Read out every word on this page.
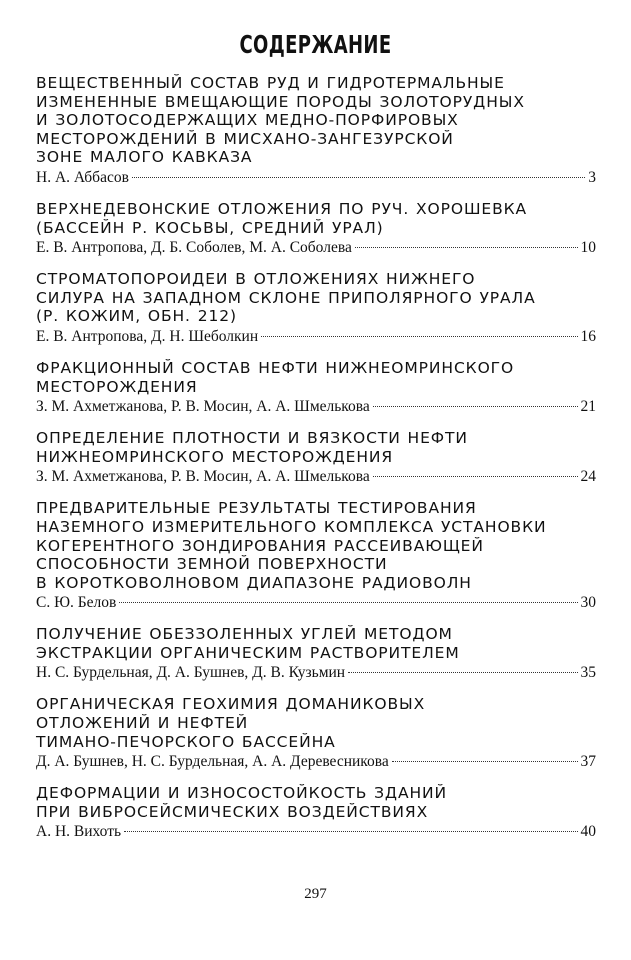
СОДЕРЖАНИЕ
ВЕЩЕСТВЕННЫЙ СОСТАВ РУД И ГИДРОТЕРМАЛЬНЫЕ
ИЗМЕНЕННЫЕ ВМЕЩАЮЩИЕ ПОРОДЫ ЗОЛОТОРУДНЫХ
И ЗОЛОТОСОДЕРЖАЩИХ МЕДНО-ПОРФИРОВЫХ
МЕСТОРОЖДЕНИЙ В МИСХАНО-ЗАНГЕЗУРСКОЙ
ЗОНЕ МАЛОГО КАВКАЗА
Н. А. Аббасов	3
ВЕРХНЕДЕВОНСКИЕ ОТЛОЖЕНИЯ ПО РУЧ. ХОРОШЕВКА
(БАССЕЙН Р. КОСЬВЫ, СРЕДНИЙ УРАЛ)
Е. В. Антропова, Д. Б. Соболев, М. А. Соболева	10
СТРОМАТОПОРОИДЕИ В ОТЛОЖЕНИЯХ НИЖНЕГО
СИЛУРА НА ЗАПАДНОМ СКЛОНЕ ПРИПОЛЯРНОГО УРАЛА
(Р. КОЖИМ, ОБН. 212)
Е. В. Антропова, Д. Н. Шеболкин	16
ФРАКЦИОННЫЙ СОСТАВ НЕФТИ НИЖНЕОМРИНСКОГО
МЕСТОРОЖДЕНИЯ
З. М. Ахметжанова, Р. В. Мосин, А. А. Шмелькова	21
ОПРЕДЕЛЕНИЕ ПЛОТНОСТИ И ВЯЗКОСТИ НЕФТИ
НИЖНЕОМРИНСКОГО МЕСТОРОЖДЕНИЯ
З. М. Ахметжанова, Р. В. Мосин, А. А. Шмелькова	24
ПРЕДВАРИТЕЛЬНЫЕ РЕЗУЛЬТАТЫ ТЕСТИРОВАНИЯ
НАЗЕМНОГО ИЗМЕРИТЕЛЬНОГО КОМПЛЕКСА УСТАНОВКИ
КОГЕРЕНТНОГО ЗОНДИРОВАНИЯ РАССЕИВАЮЩЕЙ
СПОСОБНОСТИ ЗЕМНОЙ ПОВЕРХНОСТИ
В КОРОТКОВОЛНОВОМ ДИАПАЗОНЕ РАДИОВОЛН
С. Ю. Белов	30
ПОЛУЧЕНИЕ ОБЕЗЗОЛЕННЫХ УГЛЕЙ МЕТОДОМ
ЭКСТРАКЦИИ ОРГАНИЧЕСКИМ РАСТВОРИТЕЛЕМ
Н. С. Бурдельная, Д. А. Бушнев, Д. В. Кузьмин	35
ОРГАНИЧЕСКАЯ ГЕОХИМИЯ ДОМАНИКОВЫХ
ОТЛОЖЕНИЙ И НЕФТЕЙ
ТИМАНО-ПЕЧОРСКОГО БАССЕЙНА
Д. А. Бушнев, Н. С. Бурдельная, А. А. Деревесникова	37
ДЕФОРМАЦИИ И ИЗНОСОСТОЙКОСТЬ ЗДАНИЙ
ПРИ ВИБРОСЕЙСМИЧЕСКИХ ВОЗДЕЙСТВИЯХ
А. Н. Вихоть	40
297
